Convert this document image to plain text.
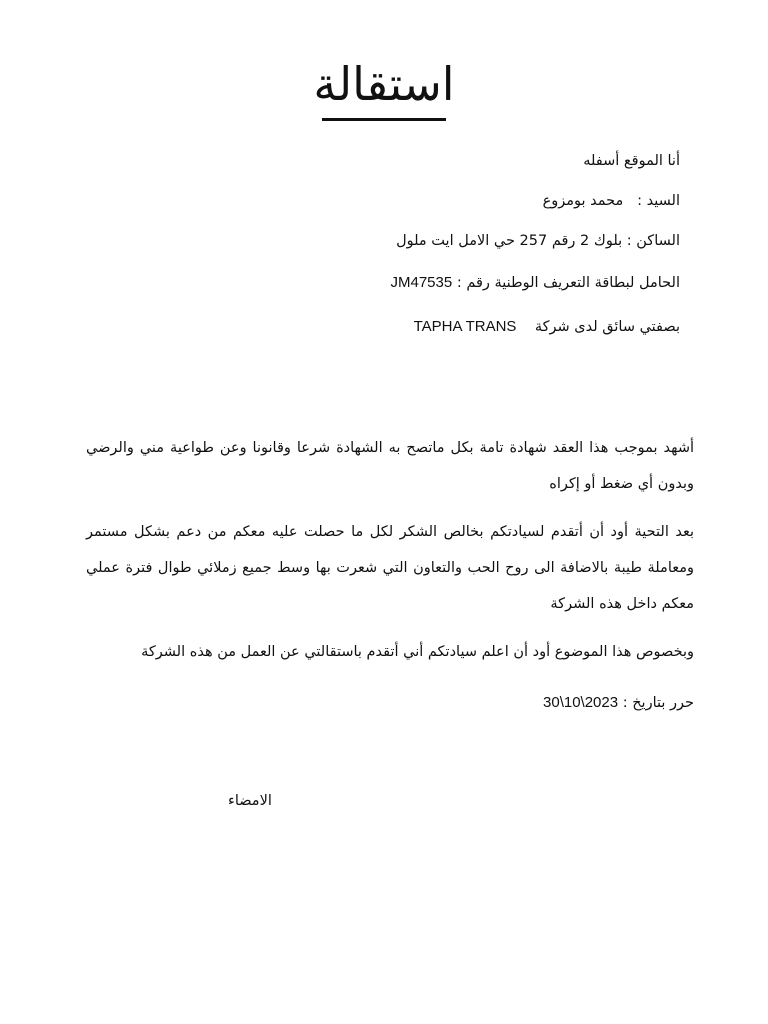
استقالة

أنا الموقع أسفله

السيد :   محمد بومزوع

الساكن : بلوك 2 رقم 257 حي الامل ايت ملول

الحامل لبطاقة التعريف الوطنية رقم : JM47535

بصفتي سائق لدى شركة    TAPHA TRANS

أشهد بموجب هذا العقد شهادة تامة بكل ماتصح به الشهادة شرعا وقانونا وعن طواعية مني والرضي وبدون أي ضغط أو إكراه

بعد التحية أود أن أتقدم لسيادتكم بخالص الشكر لكل ما حصلت عليه معكم من دعم بشكل مستمر ومعاملة طيبة بالاضافة الى روح الحب والتعاون التي شعرت بها وسط جميع زملائي طوال فترة عملي معكم داخل هذه الشركة

وبخصوص هذا الموضوع أود أن اعلم سيادتكم أني أتقدم باستقالتي عن العمل من هذه الشركة

حرر بتاريخ : 30\10\2023

الامضاء
